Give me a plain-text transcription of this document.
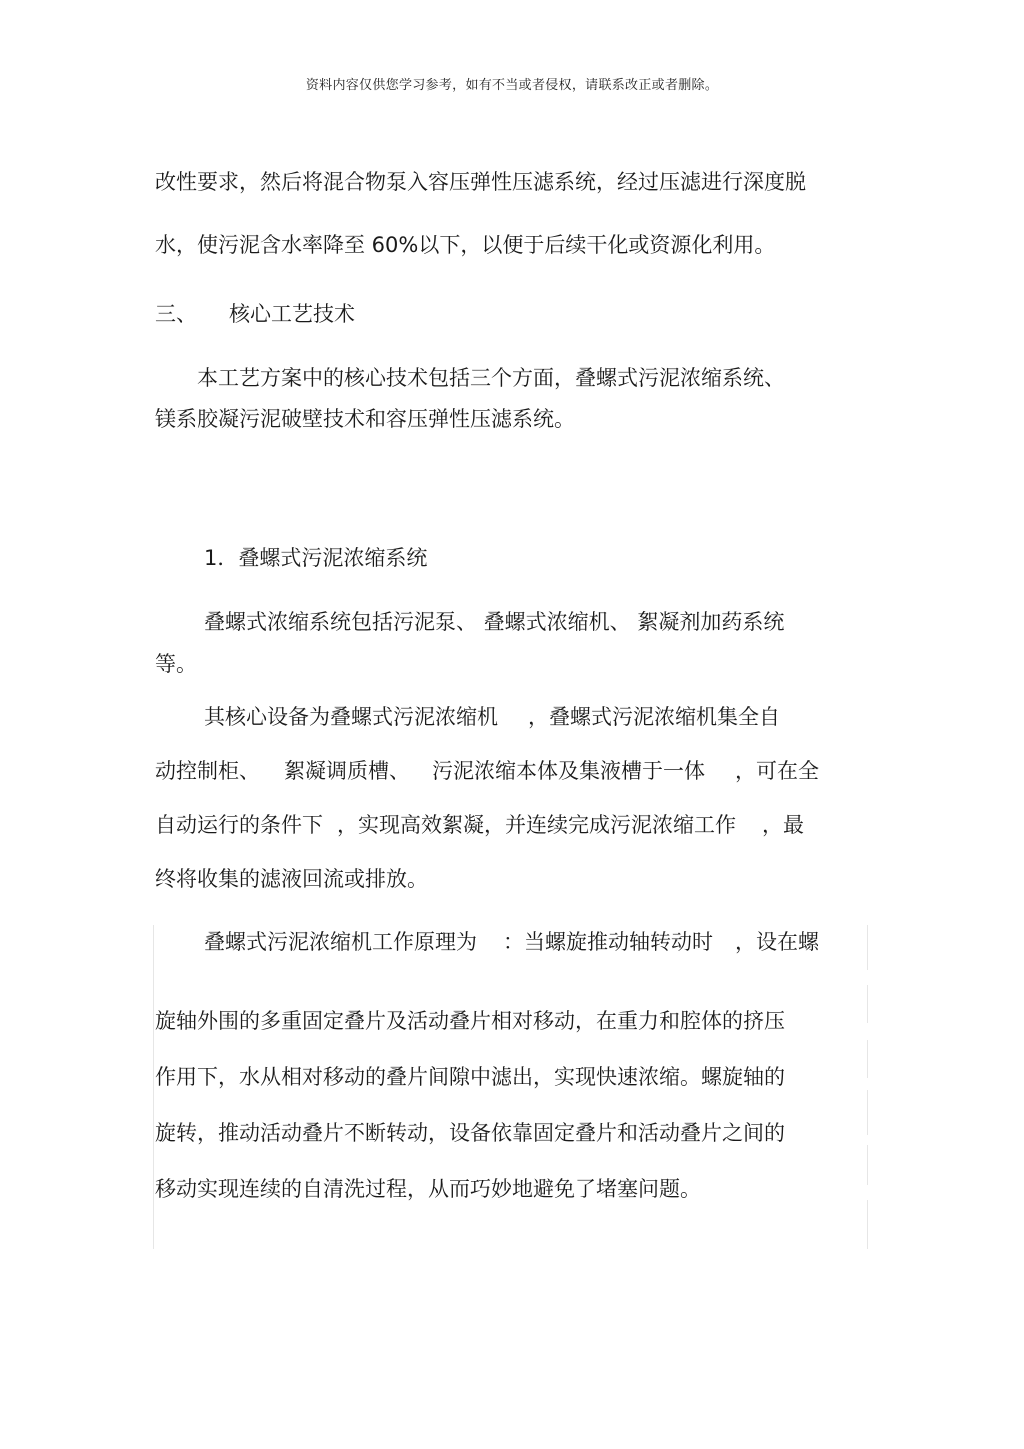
资料内容仅供您学习参考，如有不当或者侵权，请联系改正或者删除。
改性要求，然后将混合物泵入容压弹性压滤系统，经过压滤进行深度脱
水，使污泥含水率降至 60%以下，以便于后续干化或资源化利用。
三、 核心工艺技术
本工艺方案中的核心技术包括三个方面，叠螺式污泥浓缩系统、
镁系胶凝污泥破壁技术和容压弹性压滤系统。
1．叠螺式污泥浓缩系统
叠螺式浓缩系统包括污泥泵、 叠螺式浓缩机、 絮凝剂加药系统
等。
其核心设备为叠螺式污泥浓缩机 ，叠螺式污泥浓缩机集全自
动控制柜、 絮凝调质槽、 污泥浓缩本体及集液槽于一体 ，可在全
自动运行的条件下 ，实现高效絮凝，并连续完成污泥浓缩工作 ，最
终将收集的滤液回流或排放。
叠螺式污泥浓缩机工作原理为 ：当螺旋推动轴转动时 ，设在螺
旋轴外围的多重固定叠片及活动叠片相对移动，在重力和腔体的挤压
作用下，水从相对移动的叠片间隙中滤出，实现快速浓缩。螺旋轴的
旋转，推动活动叠片不断转动，设备依靠固定叠片和活动叠片之间的
移动实现连续的自清洗过程，从而巧妙地避免了堵塞问题。
